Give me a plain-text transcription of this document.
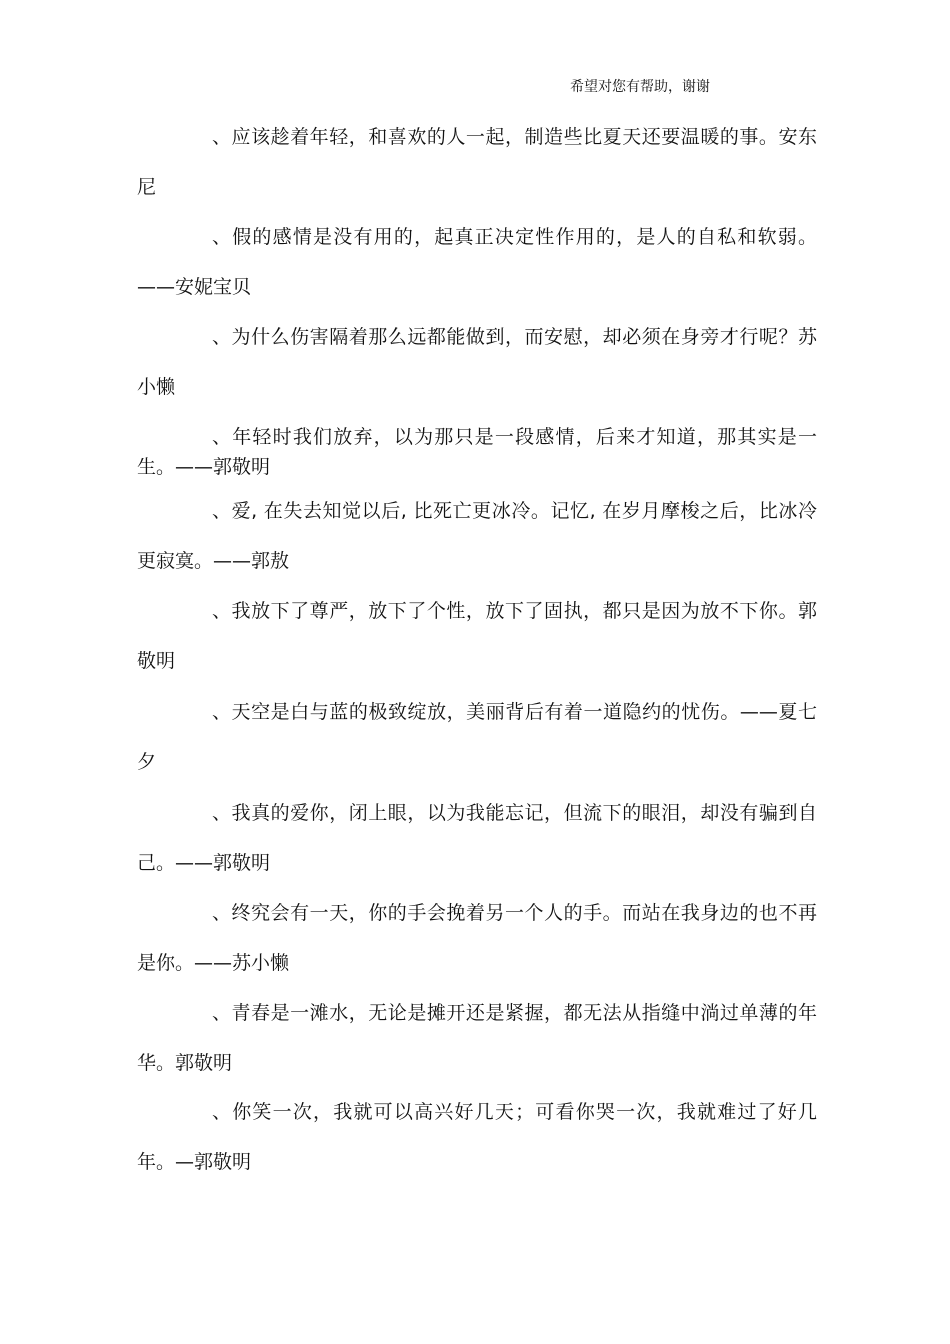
希望对您有帮助，谢谢

、应该趁着年轻，和喜欢的人一起，制造些比夏天还要温暖的事。安东尼

、假的感情是没有用的，起真正决定性作用的，是人的自私和软弱。——安妮宝贝

、为什么伤害隔着那么远都能做到，而安慰，却必须在身旁才行呢？苏小懒

、年轻时我们放弃，以为那只是一段感情，后来才知道，那其实是一生。——郭敬明

、爱, 在失去知觉以后, 比死亡更冰冷。记忆, 在岁月摩梭之后，比冰冷更寂寞。——郭敖

、我放下了尊严，放下了个性，放下了固执，都只是因为放不下你。郭敬明

、天空是白与蓝的极致绽放，美丽背后有着一道隐约的忧伤。——夏七夕

、我真的爱你，闭上眼，以为我能忘记，但流下的眼泪，却没有骗到自己。——郭敬明

、终究会有一天，你的手会挽着另一个人的手。而站在我身边的也不再是你。——苏小懒

、青春是一滩水，无论是摊开还是紧握，都无法从指缝中淌过单薄的年华。郭敬明

、你笑一次，我就可以高兴好几天；可看你哭一次，我就难过了好几年。—郭敬明
